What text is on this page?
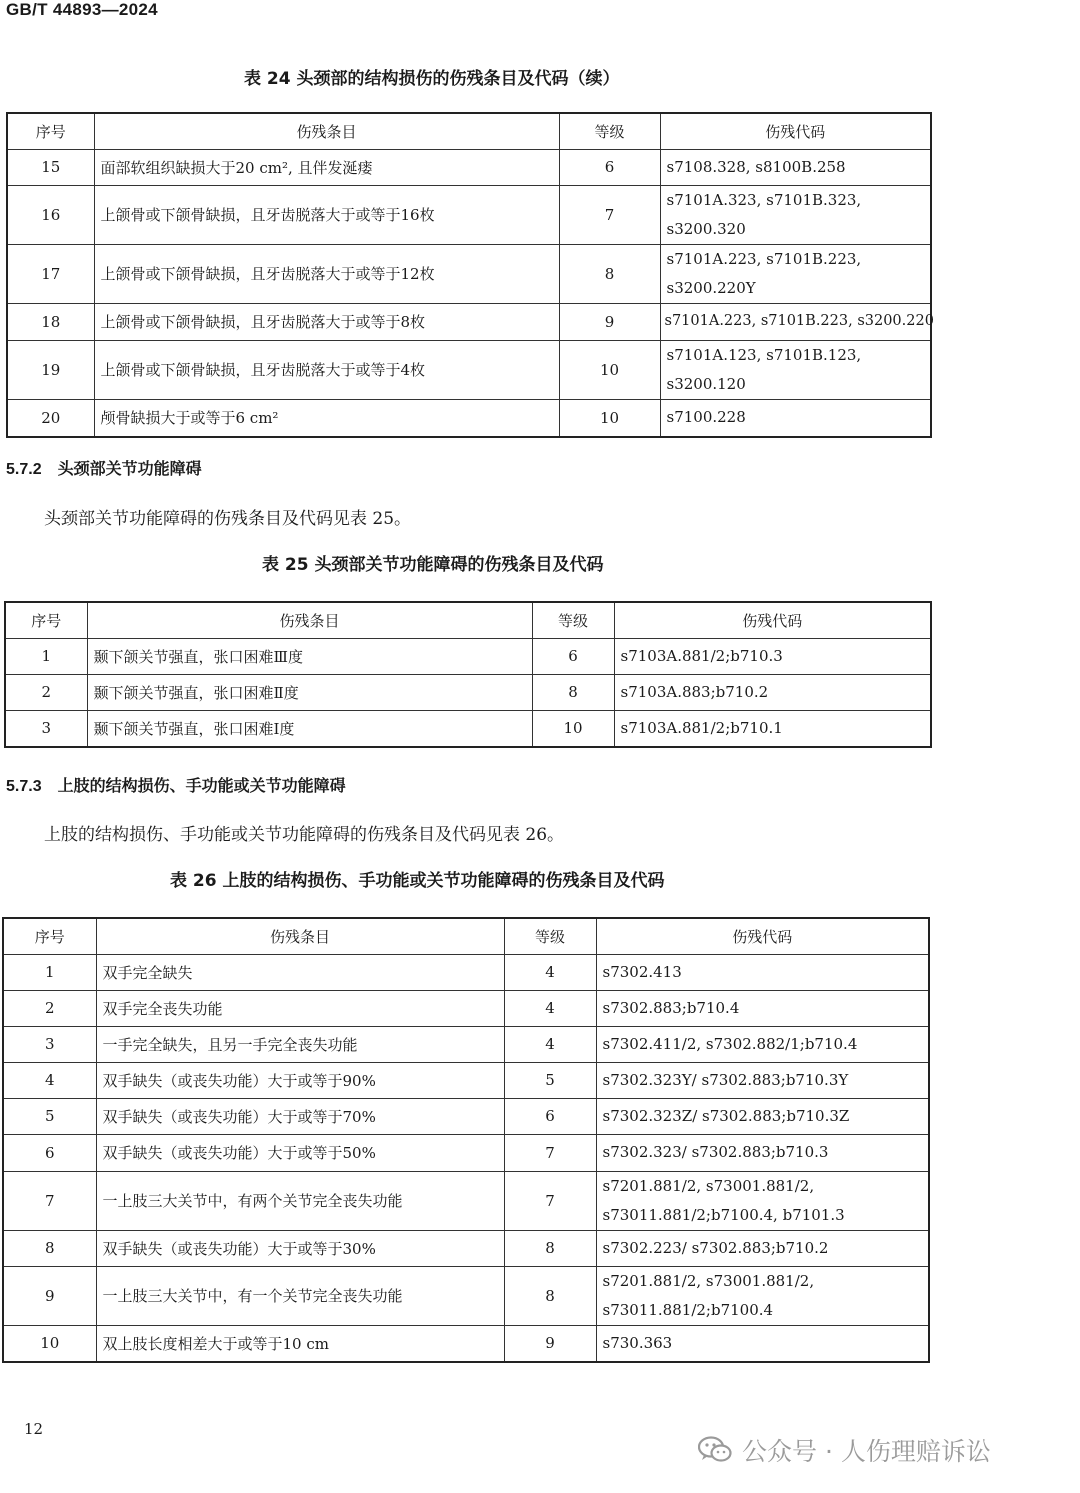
GB/T 44893—2024
表 24 头颈部的结构损伤的伤残条目及代码（续）
序号	伤残条目	等级	伤残代码
15	面部软组织缺损大于20 cm², 且伴发涎瘘	6	s7108.328, s8100B.258
16	上颌骨或下颌骨缺损，且牙齿脱落大于或等于16枚	7	s7101A.323, s7101B.323, s3200.320
17	上颌骨或下颌骨缺损，且牙齿脱落大于或等于12枚	8	s7101A.223, s7101B.223, s3200.220Y
18	上颌骨或下颌骨缺损，且牙齿脱落大于或等于8枚	9	s7101A.223, s7101B.223, s3200.220
19	上颌骨或下颌骨缺损，且牙齿脱落大于或等于4枚	10	s7101A.123, s7101B.123, s3200.120
20	颅骨缺损大于或等于6 cm²	10	s7100.228
5.7.2 头颈部关节功能障碍
头颈部关节功能障碍的伤残条目及代码见表 25。
表 25 头颈部关节功能障碍的伤残条目及代码
序号	伤残条目	等级	伤残代码
1	颞下颌关节强直，张口困难Ⅲ度	6	s7103A.881/2;b710.3
2	颞下颌关节强直，张口困难Ⅱ度	8	s7103A.883;b710.2
3	颞下颌关节强直，张口困难Ⅰ度	10	s7103A.881/2;b710.1
5.7.3 上肢的结构损伤、手功能或关节功能障碍
上肢的结构损伤、手功能或关节功能障碍的伤残条目及代码见表 26。
表 26 上肢的结构损伤、手功能或关节功能障碍的伤残条目及代码
序号	伤残条目	等级	伤残代码
1	双手完全缺失	4	s7302.413
2	双手完全丧失功能	4	s7302.883;b710.4
3	一手完全缺失，且另一手完全丧失功能	4	s7302.411/2, s7302.882/1;b710.4
4	双手缺失（或丧失功能）大于或等于90%	5	s7302.323Y/ s7302.883;b710.3Y
5	双手缺失（或丧失功能）大于或等于70%	6	s7302.323Z/ s7302.883;b710.3Z
6	双手缺失（或丧失功能）大于或等于50%	7	s7302.323/ s7302.883;b710.3
7	一上肢三大关节中，有两个关节完全丧失功能	7	s7201.881/2, s73001.881/2, s73011.881/2;b7100.4, b7101.3
8	双手缺失（或丧失功能）大于或等于30%	8	s7302.223/ s7302.883;b710.2
9	一上肢三大关节中，有一个关节完全丧失功能	8	s7201.881/2, s73001.881/2, s73011.881/2;b7100.4
10	双上肢长度相差大于或等于10 cm	9	s730.363
12
公众号 · 人伤理赔诉讼
